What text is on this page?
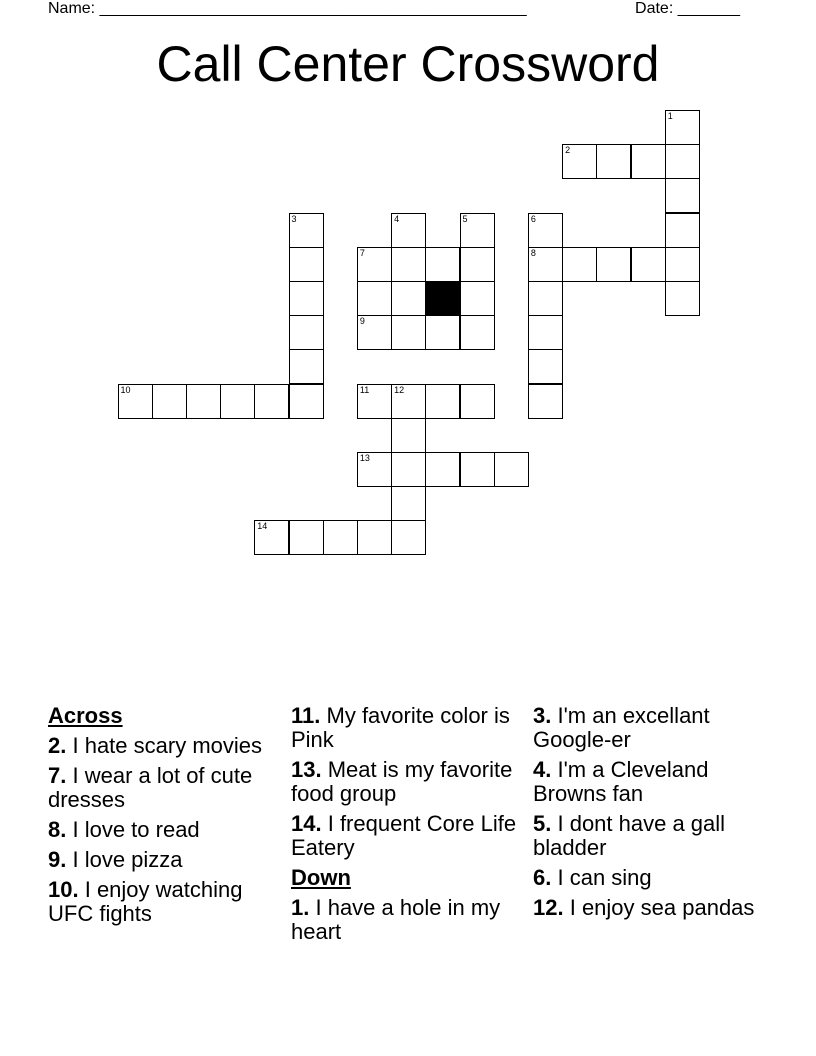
Name: ________________________________________________	Date: _______
Call Center Crossword
1
2
3	4	5	6
7	8
9
10	11	12
13
14
Across
2. I hate scary movies
7. I wear a lot of cute dresses
8. I love to read
9. I love pizza
10. I enjoy watching UFC fights
11. My favorite color is Pink
13. Meat is my favorite food group
14. I frequent Core Life Eatery
Down
1. I have a hole in my heart
3. I'm an excellant Google-er
4. I'm a Cleveland Browns fan
5. I dont have a gall bladder
6. I can sing
12. I enjoy sea pandas
